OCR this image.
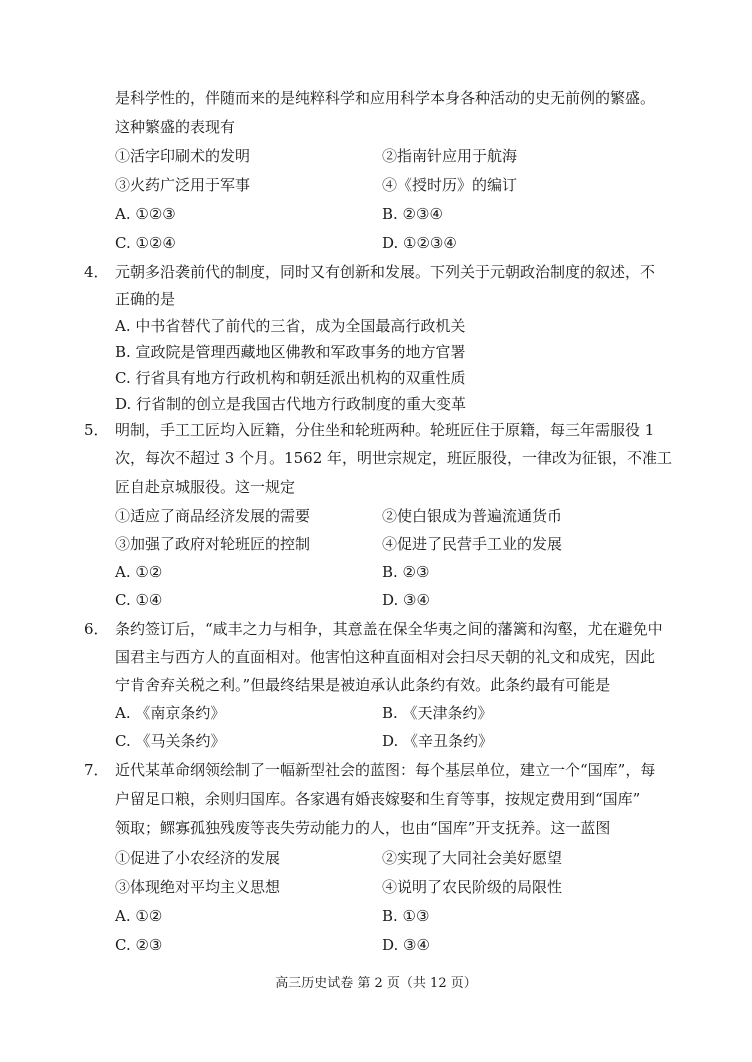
是科学性的，伴随而来的是纯粹科学和应用科学本身各种活动的史无前例的繁盛。
这种繁盛的表现有
①活字印刷术的发明	②指南针应用于航海
③火药广泛用于军事	④《授时历》的编订
A. ①②③	B. ②③④
C. ①②④	D. ①②③④
4． 元朝多沿袭前代的制度，同时又有创新和发展。下列关于元朝政治制度的叙述，不
正确的是
A. 中书省替代了前代的三省，成为全国最高行政机关
B. 宣政院是管理西藏地区佛教和军政事务的地方官署
C. 行省具有地方行政机构和朝廷派出机构的双重性质
D. 行省制的创立是我国古代地方行政制度的重大变革
5． 明制，手工工匠均入匠籍，分住坐和轮班两种。轮班匠住于原籍，每三年需服役 1
次，每次不超过 3 个月。1562 年，明世宗规定，班匠服役，一律改为征银，不准工
匠自赴京城服役。这一规定
①适应了商品经济发展的需要	②使白银成为普遍流通货币
③加强了政府对轮班匠的控制	④促进了民营手工业的发展
A. ①②	B. ②③
C. ①④	D. ③④
6． 条约签订后，“咸丰之力与相争，其意盖在保全华夷之间的藩篱和沟壑，尤在避免中
国君主与西方人的直面相对。他害怕这种直面相对会扫尽天朝的礼文和成宪，因此
宁肯舍弃关税之利。”但最终结果是被迫承认此条约有效。此条约最有可能是
A. 《南京条约》	B. 《天津条约》
C. 《马关条约》	D. 《辛丑条约》
7． 近代某革命纲领绘制了一幅新型社会的蓝图：每个基层单位，建立一个“国库”，每
户留足口粮，余则归国库。各家遇有婚丧嫁娶和生育等事，按规定费用到“国库”
领取；鳏寡孤独残废等丧失劳动能力的人，也由“国库”开支抚养。这一蓝图
①促进了小农经济的发展	②实现了大同社会美好愿望
③体现绝对平均主义思想	④说明了农民阶级的局限性
A. ①②	B. ①③
C. ②③	D. ③④
高三历史试卷 第 2 页（共 12 页）
